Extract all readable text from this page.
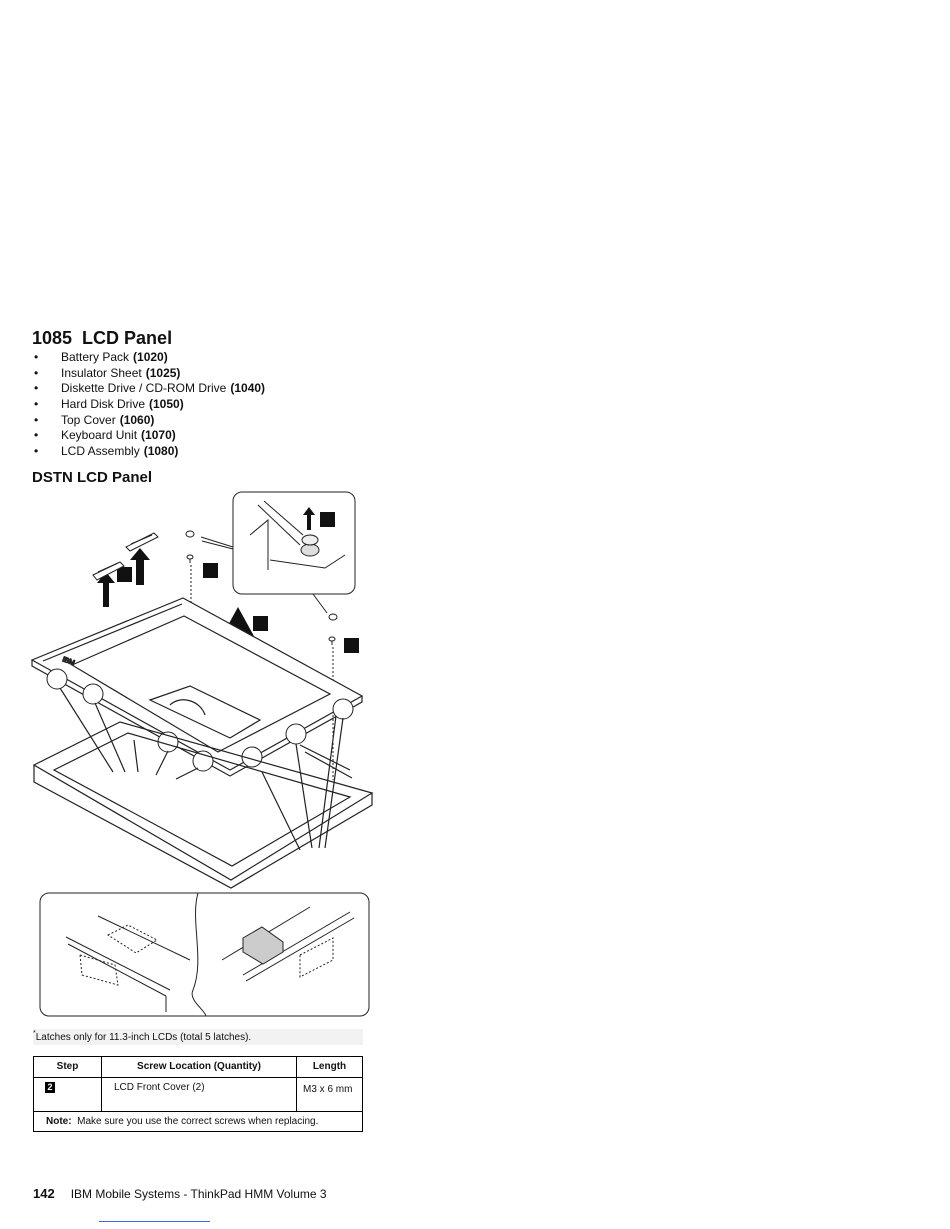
1085 LCD Panel
• Battery Pack (1020)
• Insulator Sheet (1025)
• Diskette Drive / CD-ROM Drive (1040)
• Hard Disk Drive (1050)
• Top Cover (1060)
• Keyboard Unit (1070)
• LCD Assembly (1080)
DSTN LCD Panel
IBM
*Latches only for 11.3-inch LCDs (total 5 latches).
Step	Screw Location (Quantity)	Length
2	LCD Front Cover (2)	M3 x 6 mm
Note: Make sure you use the correct screws when replacing.		
142 IBM Mobile Systems - ThinkPad HMM Volume 3
